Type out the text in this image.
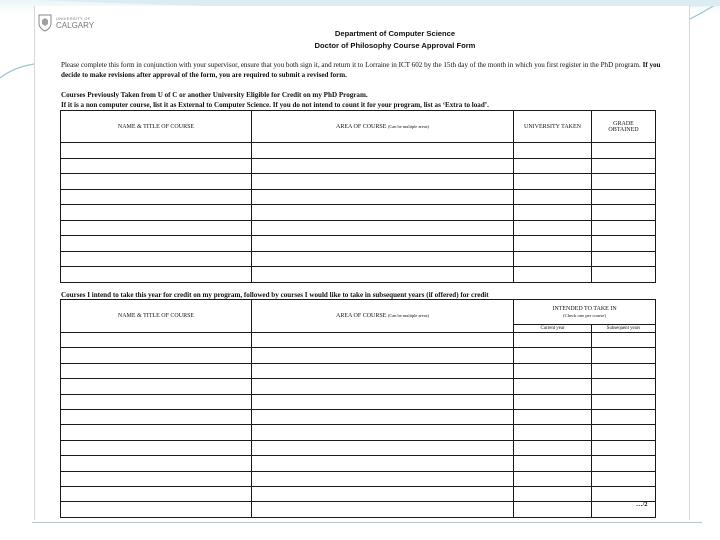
UNIVERSITY OF
CALGARY
Department of Computer Science
Doctor of Philosophy Course Approval Form
Please complete this form in conjunction with your supervisor, ensure that you both sign it, and return it to Lorraine in ICT 602 by the 15th day of the month in which you first register in the PhD program. If you decide to make revisions after approval of the form, you are required to submit a revised form.
Courses Previously Taken from U of C or another University Eligible for Credit on my PhD Program.
If it is a non computer course, list it as External to Computer Science. If you do not intend to count it for your program, list as ‘Extra to load’.
NAME & TITLE OF COURSE	AREA OF COURSE (Can be multiple areas)	UNIVERSITY TAKEN	GRADE
OBTAINED

Courses I intend to take this year for credit on my program, followed by courses I would like to take in subsequent years (if offered) for credit
NAME & TITLE OF COURSE	AREA OF COURSE (Can be multiple areas)	INTENDED TO TAKE IN
(Check one per course)	

		Current year	Subsequent years

…/2
